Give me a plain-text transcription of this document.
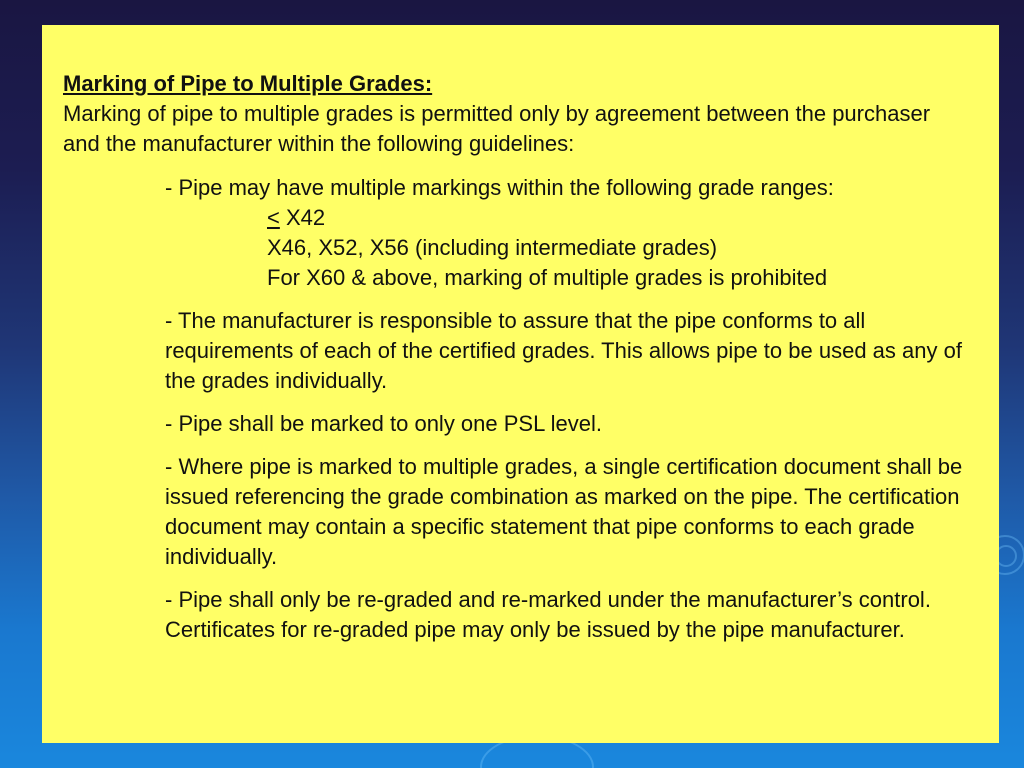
Marking of Pipe to Multiple Grades:
Marking of pipe to multiple grades is permitted only by agreement between the purchaser and the manufacturer within the following guidelines:
- Pipe may have multiple markings within the following grade ranges:
< X42
X46, X52, X56 (including intermediate grades)
For X60 & above, marking of multiple grades is prohibited
- The manufacturer is responsible to assure that the pipe conforms to all requirements of each of the certified grades. This allows pipe to be used as any of the grades individually.
- Pipe shall be marked to only one PSL level.
- Where pipe is marked to multiple grades, a single certification document shall be issued referencing the grade combination as marked on the pipe. The certification document may contain a specific statement that pipe conforms to each grade individually.
- Pipe shall only be re-graded and re-marked under the manufacturer’s control. Certificates for re-graded pipe may only be issued by the pipe manufacturer.
